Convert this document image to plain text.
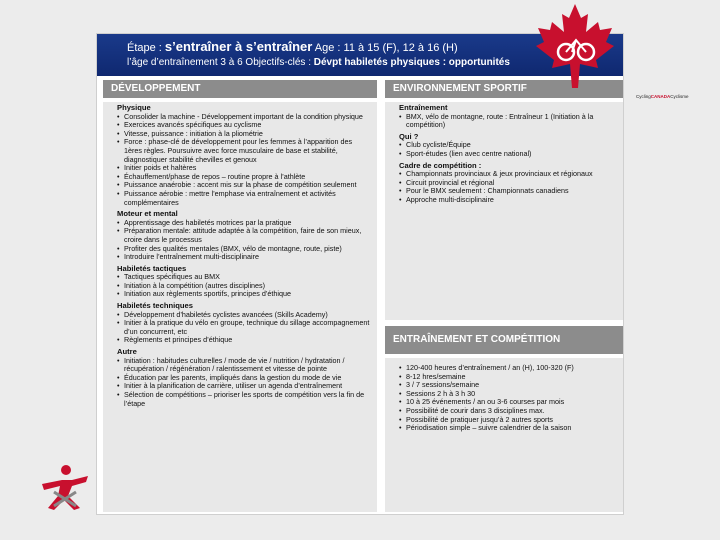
Étape : s’entraîner à s’entraîner Age : 11 à 15 (F), 12 à 16 (H)
l’âge d’entraînement 3 à 6 Objectifs-clés : Dévpt habiletés physiques : opportunités
DÉVELOPPEMENT	ENVIRONNEMENT SPORTIF
Physique
• Consolider la machine - Développement important de la condition physique
• Exercices avancés spécifiques au cyclisme
• Vitesse, puissance : initiation à la pliométrie
• Force : phase-clé de développement pour les femmes à l’apparition des 1ères règles. Poursuivre avec force musculaire de base et stabilité, diagnostiquer stabilité chevilles et genoux
• Initier poids et haltères
• Échauffement/phase de repos – routine propre à l’athlète
• Puissance anaérobie : accent mis sur la phase de compétition seulement
• Puissance aérobie : mettre l’emphase via entraînement et activités complémentaires
Moteur et mental
• Apprentissage des habiletés motrices par la pratique
• Préparation mentale: attitude adaptée à la compétition, faire de son mieux, croire dans le processus
• Profiter des qualités mentales (BMX, vélo de montagne, route, piste)
• Introduire l’entraînement multi-disciplinaire
Habiletés tactiques
• Tactiques spécifiques au BMX
• Initiation à la compétition (autres disciplines)
• Initiation aux règlements sportifs, principes d’éthique
Habiletés techniques
• Développement d’habiletés cyclistes avancées (Skills Academy)
• Initier à la pratique du vélo en groupe, technique du sillage accompagnement d’un concurrent, etc
• Règlements et principes d’éthique
Autre
• Initiation : habitudes culturelles / mode de vie / nutrition / hydratation / récupération / régénération / ralentissement et vitesse de pointe
• Éducation par les parents, impliqués dans la gestion du mode de vie
• Initier à la planification de carrière, utiliser un agenda d’entraînement
• Sélection de compétitions – prioriser les sports de compétition vers la fin de l’étape
Entraînement
• BMX, vélo de montagne, route : Entraîneur 1 (Initiation à la compétition)
Qui ?
• Club cycliste/Équipe
• Sport-études (lien avec centre national)
Cadre de compétition :
• Championnats provinciaux & jeux provinciaux et régionaux
• Circuit provincial et régional
• Pour le BMX seulement : Championnats canadiens
• Approche multi-disciplinaire
ENTRAÎNEMENT ET COMPÉTITION
• 120-400 heures d’entraînement / an (H), 100-320 (F)
• 8-12 hres/semaine
• 3 / 7 sessions/semaine
• Sessions 2 h à 3 h 30
• 10 à 25 événements / an ou 3-6 courses par mois
• Possibilité de courir dans 3 disciplines max.
• Possibilité de pratiquer jusqu’à 2 autres sports
• Périodisation simple – suivre calendrier de la saison
CyclingCANADACyclisme
